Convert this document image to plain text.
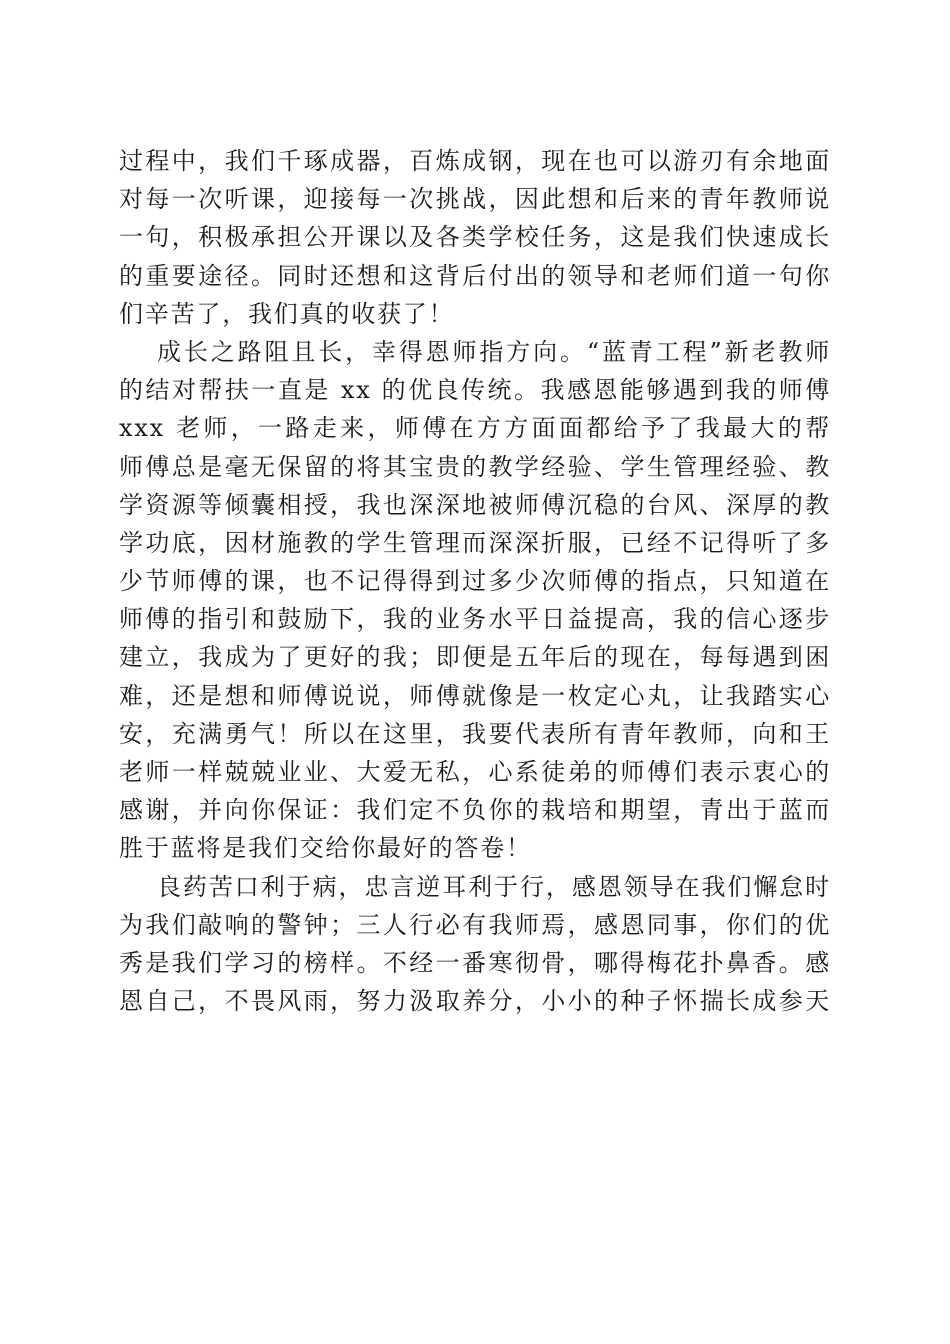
过程中，我们千琢成器，百炼成钢，现在也可以游刃有余地面
对每一次听课，迎接每一次挑战，因此想和后来的青年教师说
一句，积极承担公开课以及各类学校任务，这是我们快速成长
的重要途径。同时还想和这背后付出的领导和老师们道一句你
们辛苦了，我们真的收获了！
成长之路阻且长，幸得恩师指方向。“蓝青工程”新老教师
的结对帮扶一直是 xx 的优良传统。我感恩能够遇到我的师傅
xxx 老师，一路走来，师傅在方方面面都给予了我最大的帮
师傅总是毫无保留的将其宝贵的教学经验、学生管理经验、教
学资源等倾囊相授，我也深深地被师傅沉稳的台风、深厚的教
学功底，因材施教的学生管理而深深折服，已经不记得听了多
少节师傅的课，也不记得得到过多少次师傅的指点，只知道在
师傅的指引和鼓励下，我的业务水平日益提高，我的信心逐步
建立，我成为了更好的我；即便是五年后的现在，每每遇到困
难，还是想和师傅说说，师傅就像是一枚定心丸，让我踏实心
安，充满勇气！所以在这里，我要代表所有青年教师，向和王
老师一样兢兢业业、大爱无私，心系徒弟的师傅们表示衷心的
感谢，并向你保证：我们定不负你的栽培和期望，青出于蓝而
胜于蓝将是我们交给你最好的答卷！
良药苦口利于病，忠言逆耳利于行，感恩领导在我们懈怠时
为我们敲响的警钟；三人行必有我师焉，感恩同事，你们的优
秀是我们学习的榜样。不经一番寒彻骨，哪得梅花扑鼻香。感
恩自己，不畏风雨，努力汲取养分，小小的种子怀揣长成参天
